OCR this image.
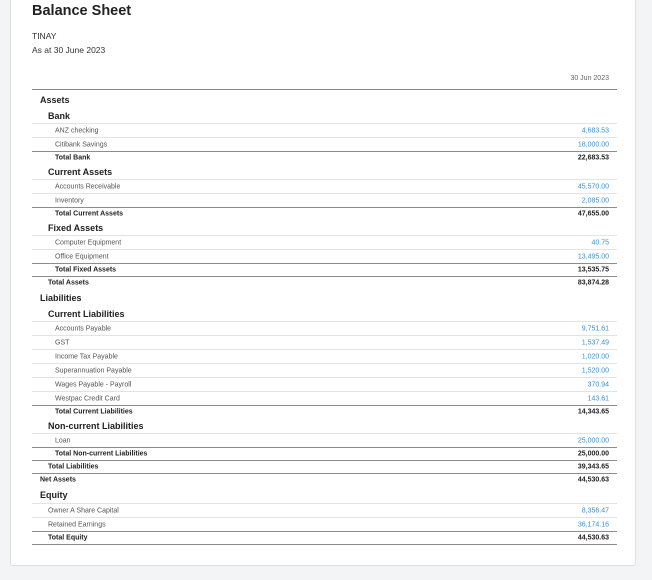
Balance Sheet
TINAY
As at 30 June 2023
30 Jun 2023
Assets
Bank
ANZ checking	4,683.53
Citibank Savings	18,000.00
Total Bank	22,683.53
Current Assets
Accounts Receivable	45,570.00
Inventory	2,085.00
Total Current Assets	47,655.00
Fixed Assets
Computer Equipment	40.75
Office Equipment	13,495.00
Total Fixed Assets	13,535.75
Total Assets	83,874.28
Liabilities
Current Liabilities
Accounts Payable	9,751.61
GST	1,537.49
Income Tax Payable	1,020.00
Superannuation Payable	1,520.00
Wages Payable - Payroll	370.94
Westpac Credit Card	143.61
Total Current Liabilities	14,343.65
Non-current Liabilities
Loan	25,000.00
Total Non-current Liabilities	25,000.00
Total Liabilities	39,343.65
Net Assets	44,530.63
Equity
Owner A Share Capital	8,356.47
Retained Earnings	36,174.16
Total Equity	44,530.63
